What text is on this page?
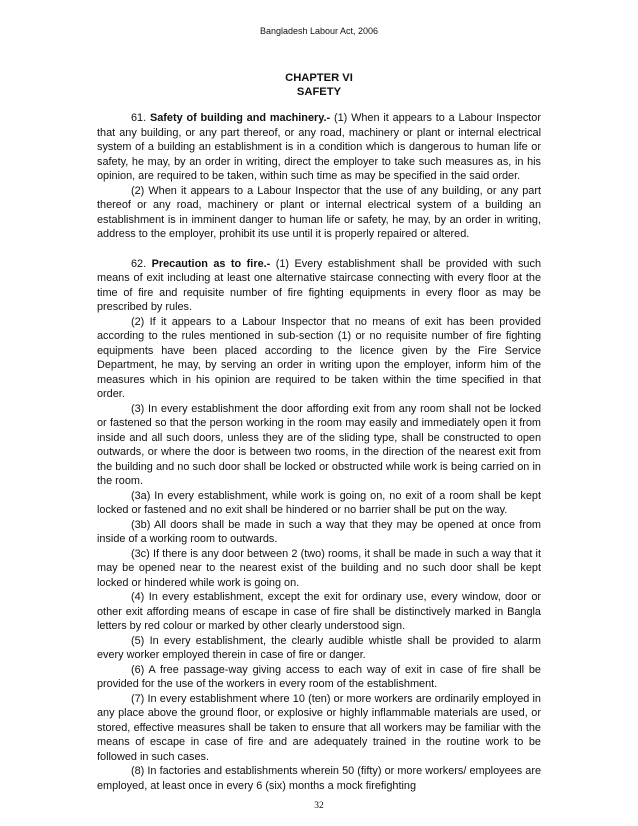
Bangladesh Labour Act, 2006
CHAPTER VI
SAFETY

61. Safety of building and machinery.- (1) When it appears to a Labour Inspector that any building, or any part thereof, or any road, machinery or plant or internal electrical system of a building an establishment is in a condition which is dangerous to human life or safety, he may, by an order in writing, direct the employer to take such measures as, in his opinion, are required to be taken, within such time as may be specified in the said order.

(2) When it appears to a Labour Inspector that the use of any building, or any part thereof or any road, machinery or plant or internal electrical system of a building an establishment is in imminent danger to human life or safety, he may, by an order in writing, address to the employer, prohibit its use until it is properly repaired or altered.

62. Precaution as to fire.- (1) Every establishment shall be provided with such means of exit including at least one alternative staircase connecting with every floor at the time of fire and requisite number of fire fighting equipments in every floor as may be prescribed by rules.

(2) If it appears to a Labour Inspector that no means of exit has been provided according to the rules mentioned in sub-section (1) or no requisite number of fire fighting equipments have been placed according to the licence given by the Fire Service Department, he may, by serving an order in writing upon the employer, inform him of the measures which in his opinion are required to be taken within the time specified in that order.

(3) In every establishment the door affording exit from any room shall not be locked or fastened so that the person working in the room may easily and immediately open it from inside and all such doors, unless they are of the sliding type, shall be constructed to open outwards, or where the door is between two rooms, in the direction of the nearest exit from the building and no such door shall be locked or obstructed while work is being carried on in the room.

(3a) In every establishment, while work is going on, no exit of a room shall be kept locked or fastened and no exit shall be hindered or no barrier shall be put on the way.

(3b) All doors shall be made in such a way that they may be opened at once from inside of a working room to outwards.

(3c) If there is any door between 2 (two) rooms, it shall be made in such a way that it may be opened near to the nearest exist of the building and no such door shall be kept locked or hindered while work is going on.

(4) In every establishment, except the exit for ordinary use, every window, door or other exit affording means of escape in case of fire shall be distinctively marked in Bangla letters by red colour or marked by other clearly understood sign.

(5) In every establishment, the clearly audible whistle shall be provided to alarm every worker employed therein in case of fire or danger.

(6) A free passage-way giving access to each way of exit in case of fire shall be provided for the use of the workers in every room of the establishment.

(7) In every establishment where 10 (ten) or more workers are ordinarily employed in any place above the ground floor, or explosive or highly inflammable materials are used, or stored, effective measures shall be taken to ensure that all workers may be familiar with the means of escape in case of fire and are adequately trained in the routine work to be followed in such cases.

(8) In factories and establishments wherein 50 (fifty) or more workers/ employees are employed, at least once in every 6 (six) months a mock firefighting

32
